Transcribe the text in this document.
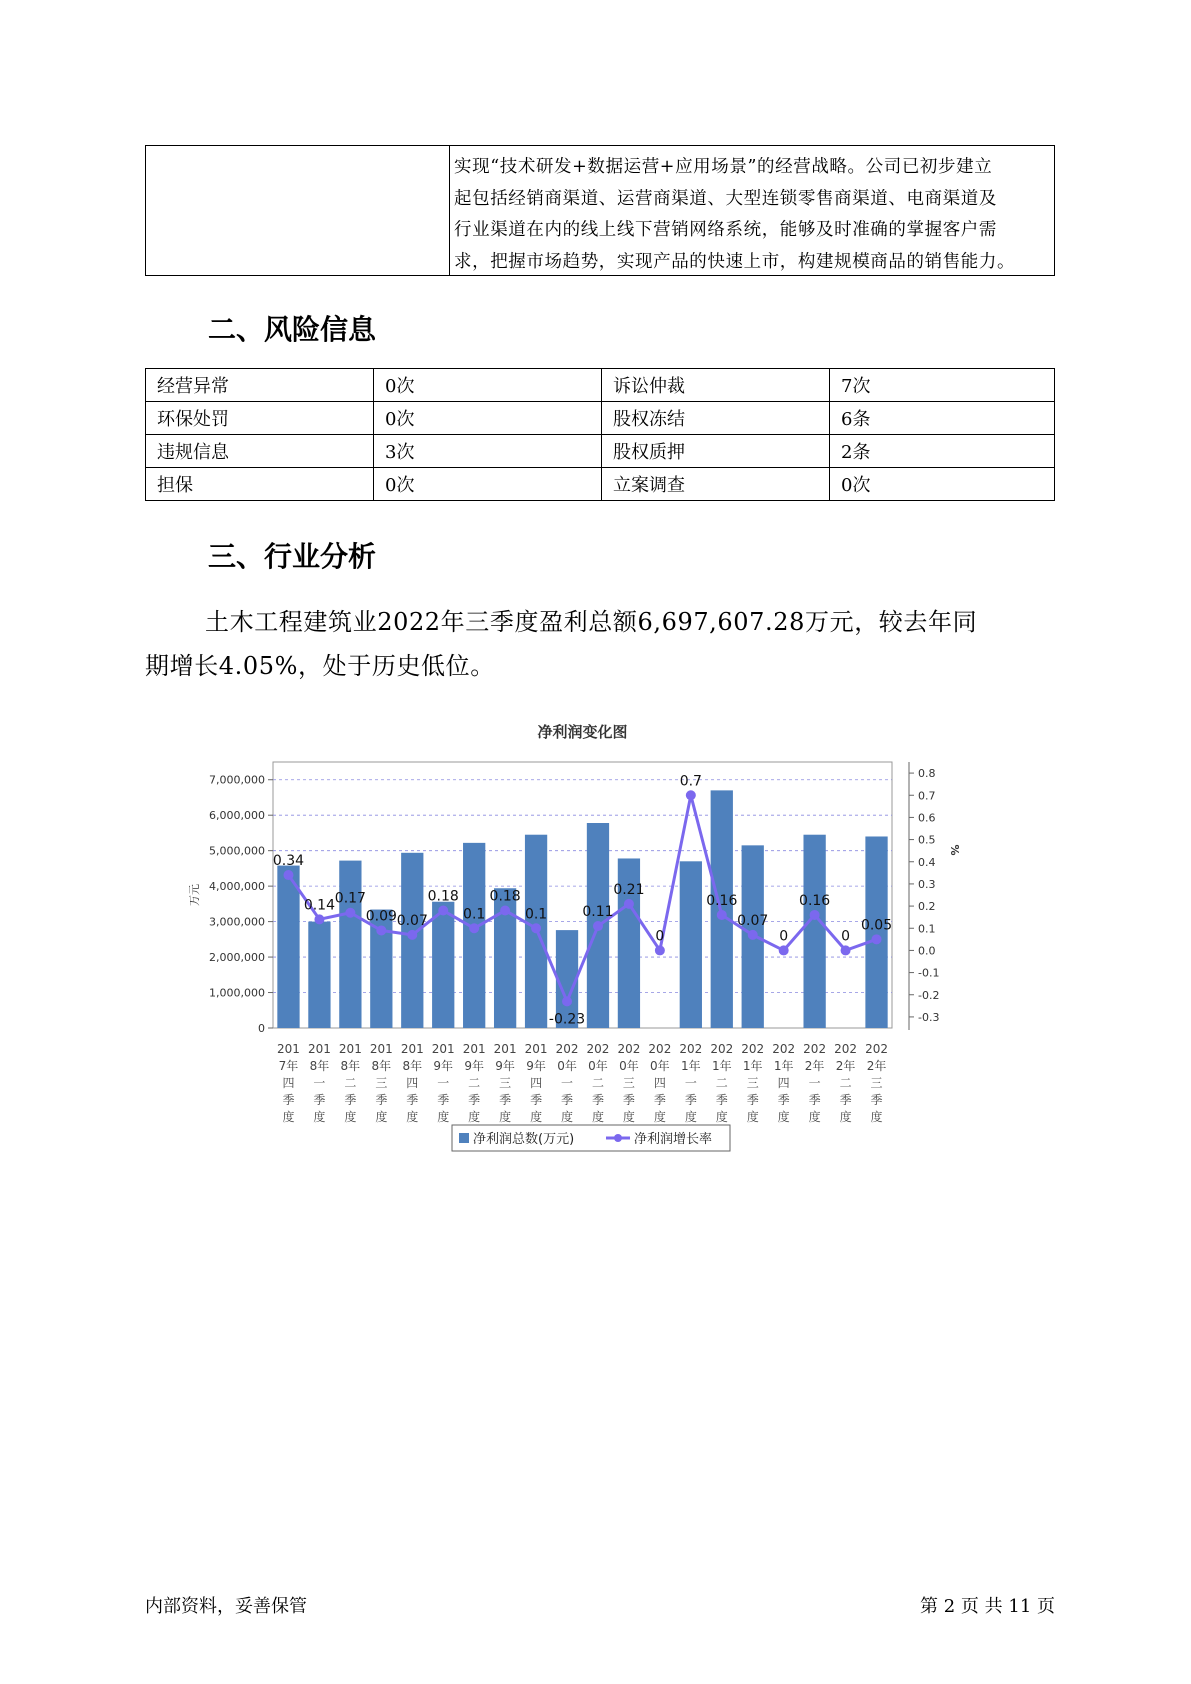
实现“技术研发+数据运营+应用场景”的经营战略。公司已初步建立
起包括经销商渠道、运营商渠道、大型连锁零售商渠道、电商渠道及
行业渠道在内的线上线下营销网络系统，能够及时准确的掌握客户需
求，把握市场趋势，实现产品的快速上市，构建规模商品的销售能力。
二、风险信息
经营异常	0次	诉讼仲裁	7次
环保处罚	0次	股权冻结	6条
违规信息	3次	股权质押	2条
担保	0次	立案调查	0次
三、行业分析
土木工程建筑业2022年三季度盈利总额6,697,607.28万元，较去年同
期增长4.05%，处于历史低位。
净利润变化图
0
1,000,000
2,000,000
3,000,000
4,000,000
5,000,000
6,000,000
7,000,000
-0.3
-0.2
-0.1
0.0
0.1
0.2
0.3
0.4
0.5
0.6
0.7
0.8
万元
%
201
7年
四
季
度
201
8年
一
季
度
201
8年
二
季
度
201
8年
三
季
度
201
8年
四
季
度
201
9年
一
季
度
201
9年
二
季
度
201
9年
三
季
度
201
9年
四
季
度
202
0年
一
季
度
202
0年
二
季
度
202
0年
三
季
度
202
0年
四
季
度
202
1年
一
季
度
202
1年
二
季
度
202
1年
三
季
度
202
1年
四
季
度
202
2年
一
季
度
202
2年
二
季
度
202
2年
三
季
度
0.34
0.14 0.17
0.09 0.07
0.18
0.1
0.18
0.1
-0.23
0.11
0.21
0
0.7
0.16
0.07
0
0.16
0
0.05
净利润总数(万元)	净利润增长率
内部资料，妥善保管	第 2 页 共 11 页
